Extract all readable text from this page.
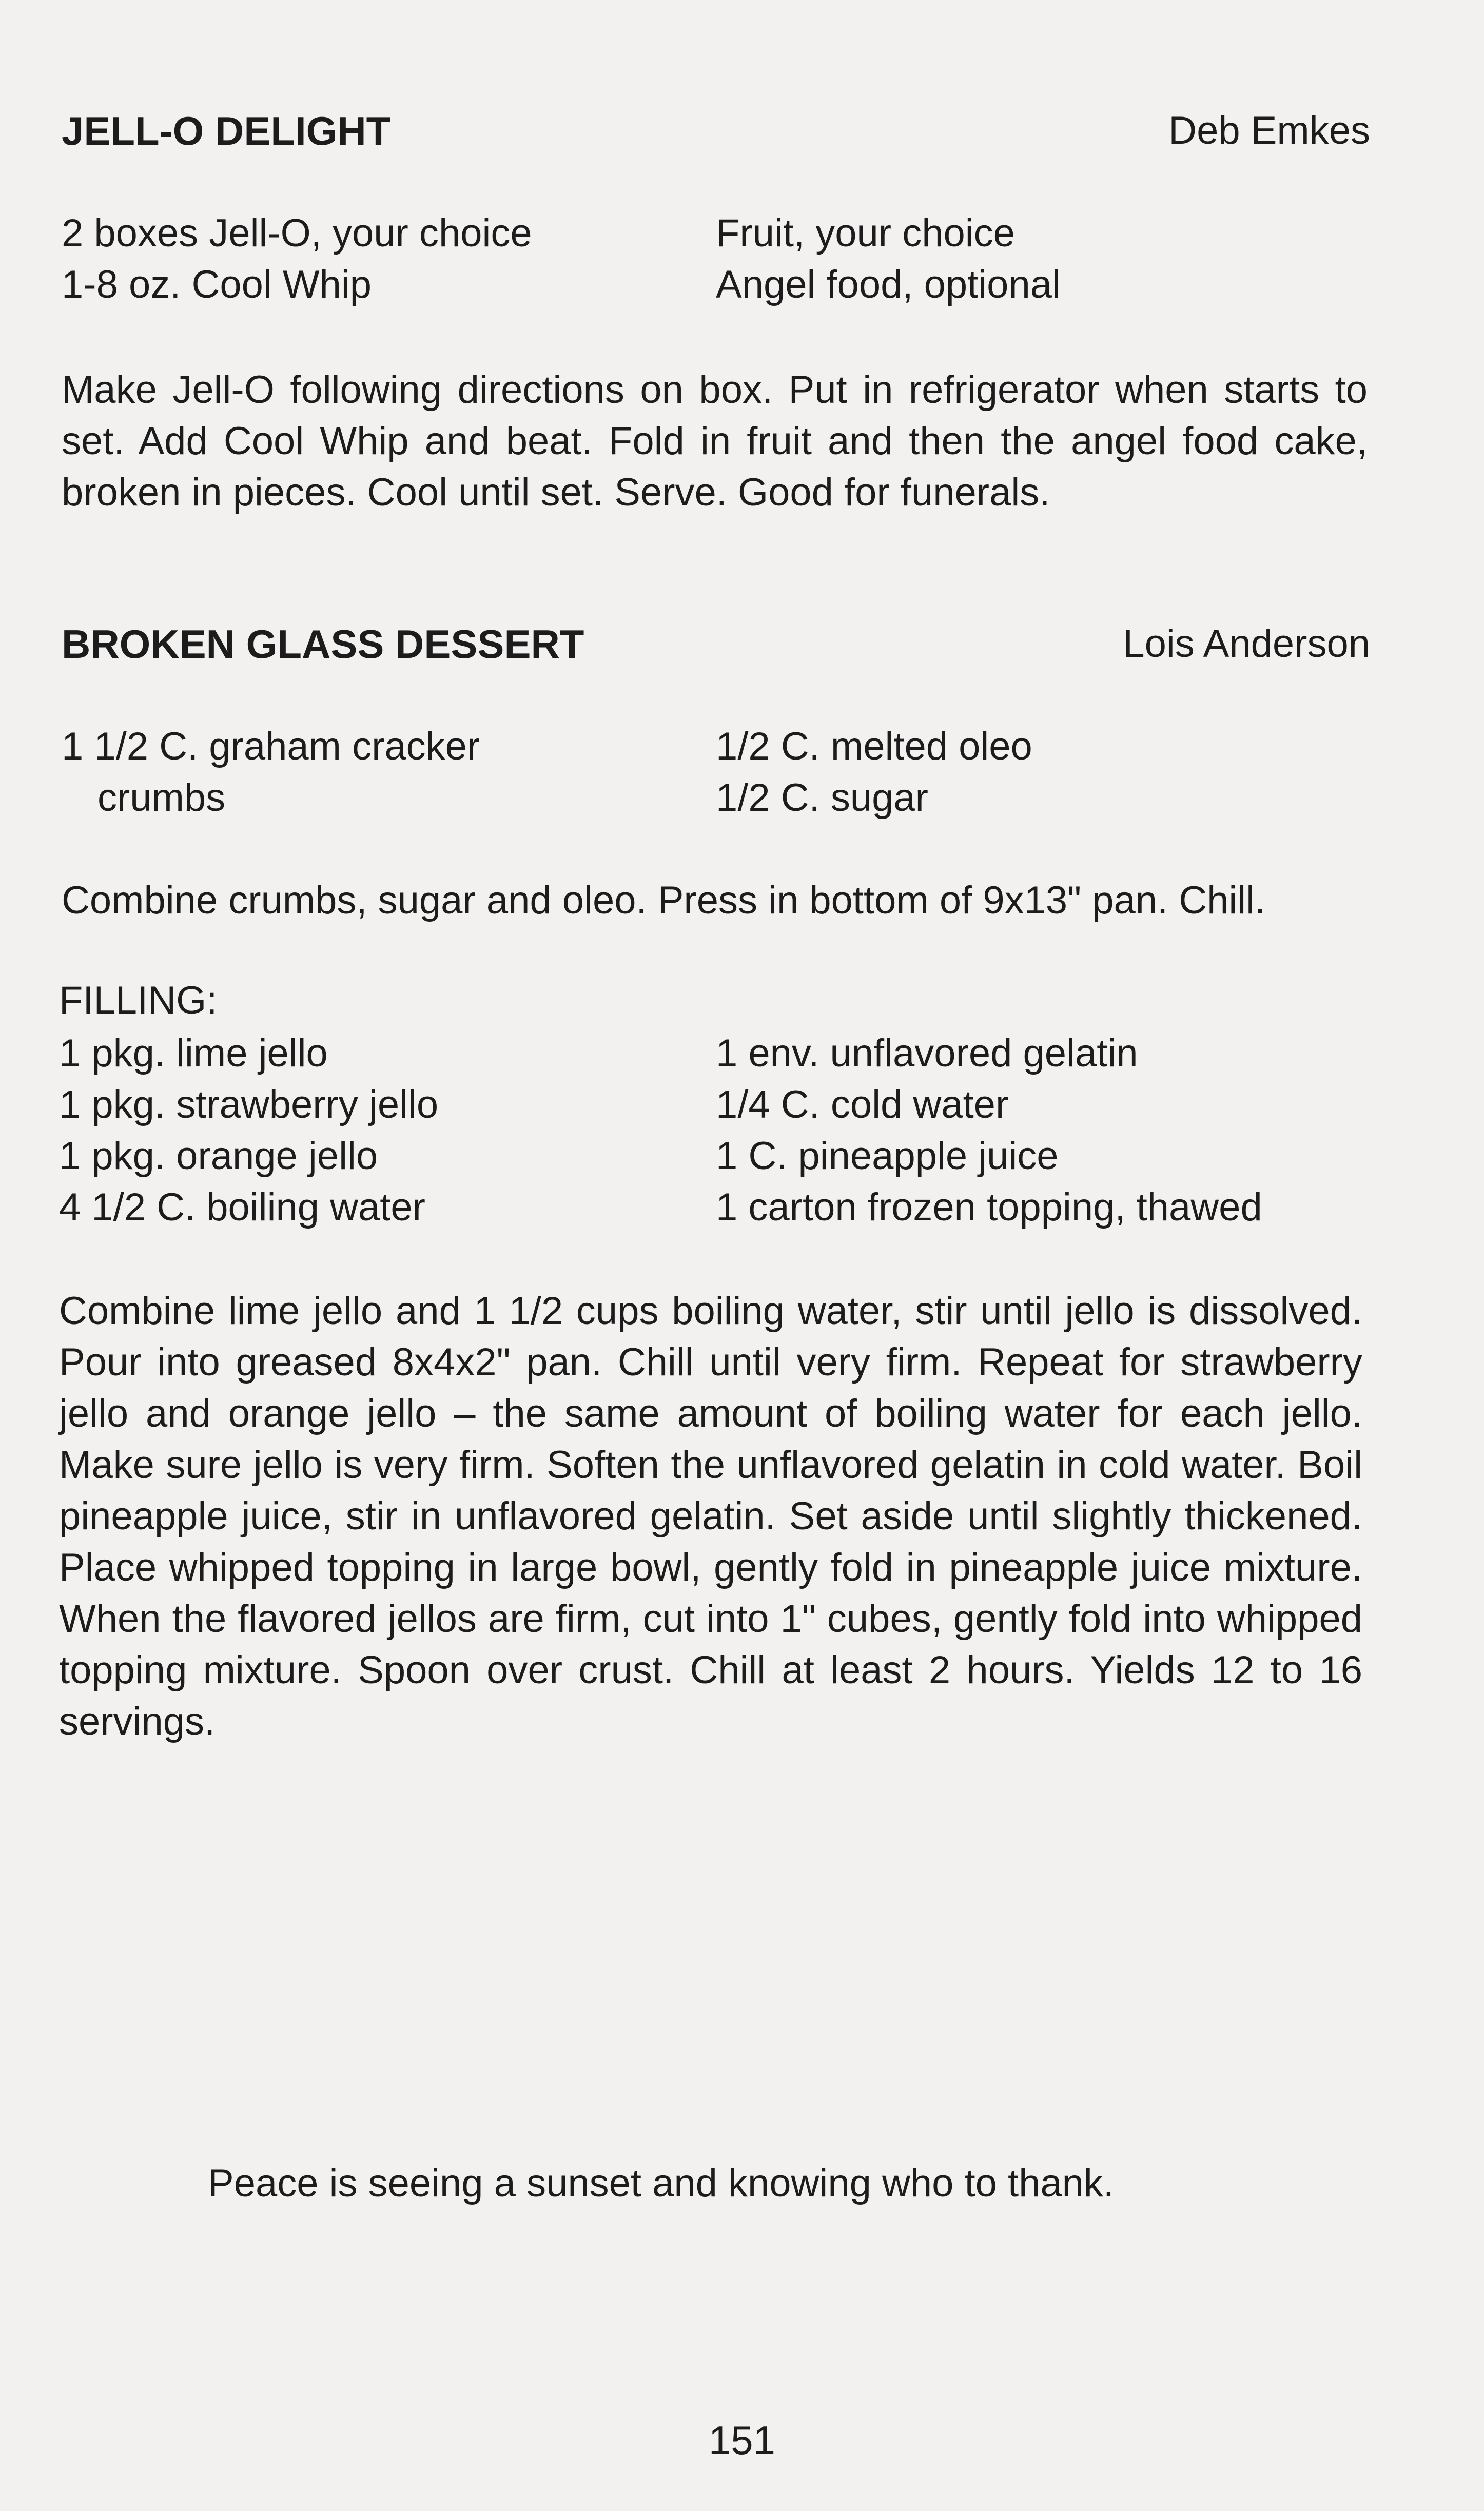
JELL-O DELIGHT	Deb Emkes
2 boxes Jell-O, your choice
1-8 oz. Cool Whip
Fruit, your choice
Angel food, optional

Make Jell-O following directions on box. Put in refrigerator when starts to set. Add Cool Whip and beat. Fold in fruit and then the angel food cake, broken in pieces. Cool until set. Serve. Good for funerals.

BROKEN GLASS DESSERT	Lois Anderson
1 1/2 C. graham cracker
crumbs
1/2 C. melted oleo
1/2 C. sugar

Combine crumbs, sugar and oleo. Press in bottom of 9x13" pan. Chill.

FILLING:
1 pkg. lime jello
1 pkg. strawberry jello
1 pkg. orange jello
4 1/2 C. boiling water
1 env. unflavored gelatin
1/4 C. cold water
1 C. pineapple juice
1 carton frozen topping, thawed

Combine lime jello and 1 1/2 cups boiling water, stir until jello is dissolved. Pour into greased 8x4x2" pan. Chill until very firm. Repeat for strawberry jello and orange jello – the same amount of boiling water for each jello. Make sure jello is very firm. Soften the unflavored gelatin in cold water. Boil pineapple juice, stir in unflavored gelatin. Set aside until slightly thickened. Place whipped topping in large bowl, gently fold in pineapple juice mixture. When the flavored jellos are firm, cut into 1" cubes, gently fold into whipped topping mixture. Spoon over crust. Chill at least 2 hours. Yields 12 to 16 servings.

Peace is seeing a sunset and knowing who to thank.
151
